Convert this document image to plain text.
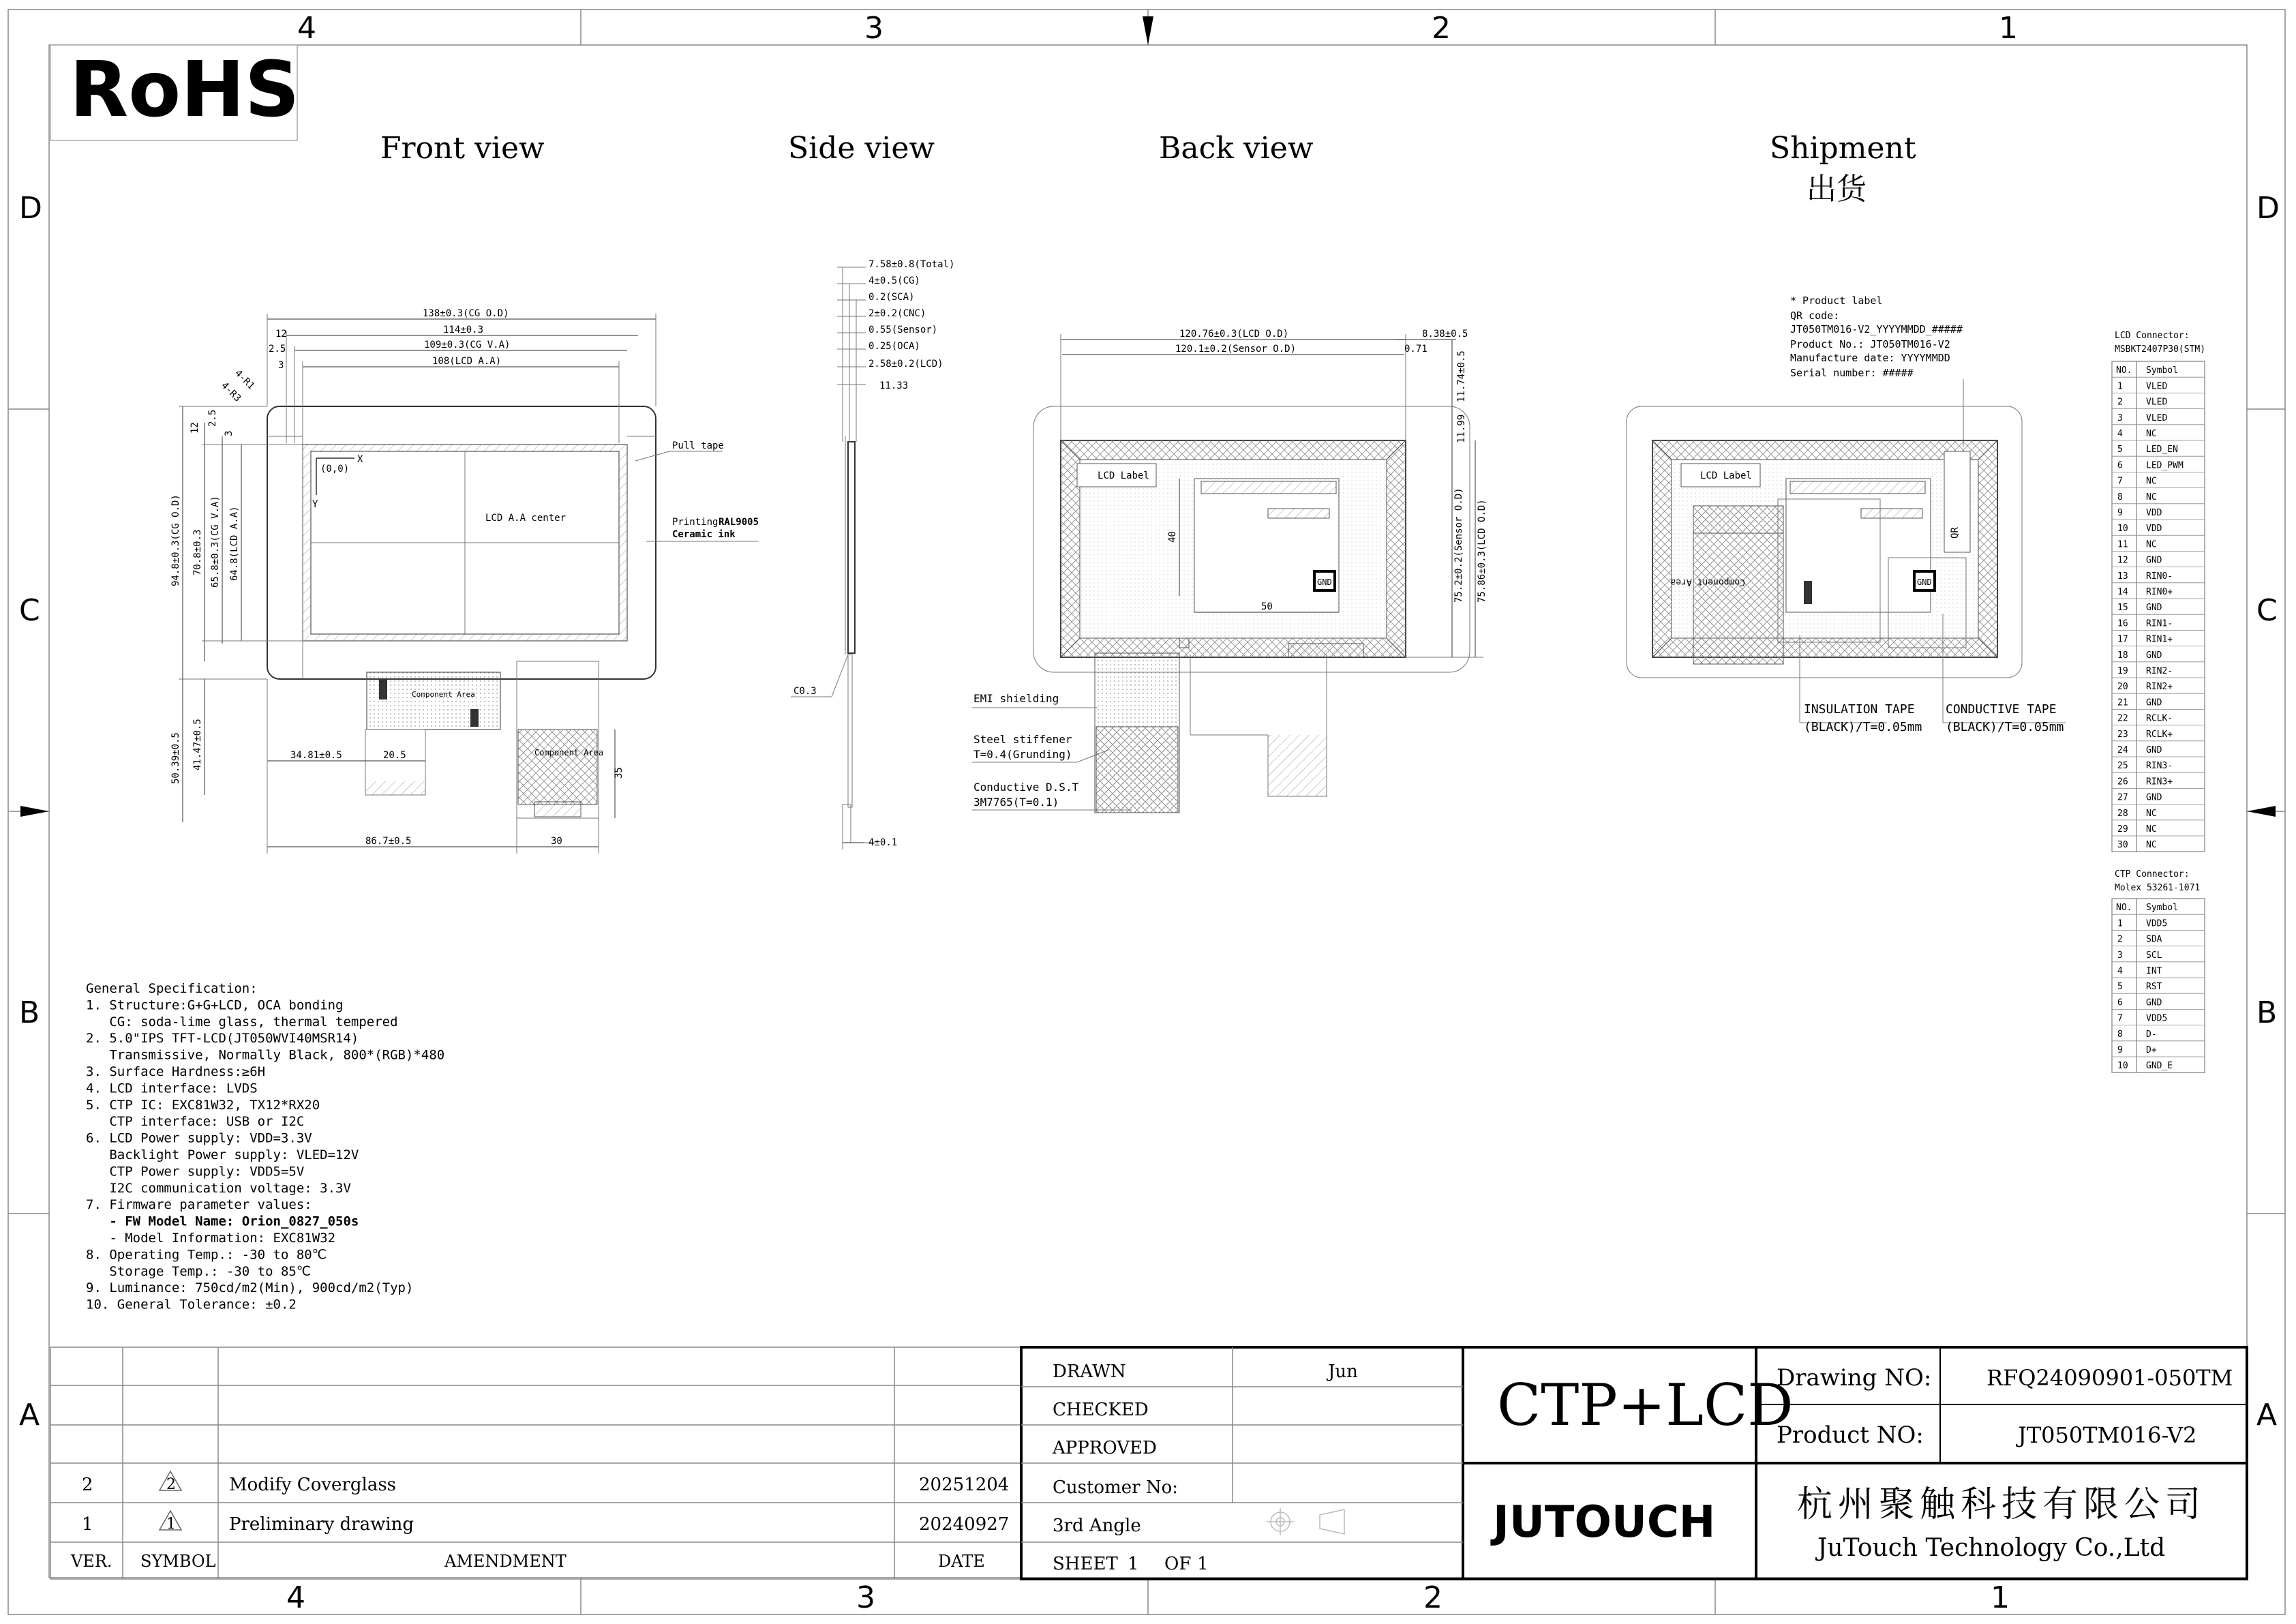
4	3	2	1
4	3	2	1
D
C
B
A
D
C
B
A
RoHS
Front view	Side view	Back view	Shipment
出货
X
Y
(0,0)
LCD A.A center
138±0.3(CG O.D)
114±0.3
109±0.3(CG V.A)
108(LCD A.A)
12
2.5
3
4-R1
4-R3
94.8±0.3(CG O.D) 70.8±0.3 65.8±0.3(CG V.A) 64.8(LCD A.A)
12
2.5
3
Pull tape
Printing RAL9005
Ceramic ink
Component Area
Component Area
50.39±0.5 41.47±0.5	34.81±0.5	20.5
35
86.7±0.5	30
7.58±0.8(Total)
4±0.5(CG)
0.2(SCA)
2±0.2(CNC)
0.55(Sensor)
0.25(OCA)
2.58±0.2(LCD)
11.33
C0.3
4±0.1
LCD Label
GND
120.76±0.3(LCD O.D)
120.1±0.2(Sensor O.D)
8.38±0.5
0.71
11.74±0.5
11.99
75.2±0.2(Sensor O.D) 75.86±0.3(LCD O.D)
40
50
EMI shielding
Steel stiffener
T=0.4(Grunding)
Conductive D.S.T
3M7765(T=0.1)
* Product label
QR code:
JT050TM016-V2_YYYYMMDD_#####
Product No.: JT050TM016-V2
Manufacture date: YYYYMMDD
Serial number: #####
LCD Label
GND
QR
Component Area
INSULATION TAPE
(BLACK)/T=0.05mm
CONDUCTIVE TAPE
(BLACK)/T=0.05mm
LCD Connector:
MSBKT2407P30(STM)
NO. Symbol
1	VLED
2	VLED
3	VLED
4	NC
5	LED_EN
6	LED_PWM
7	NC
8	NC
9	VDD
10 VDD
11 NC
12 GND
13 RIN0-
14 RIN0+
15 GND
16 RIN1-
17 RIN1+
18 GND
19 RIN2-
20 RIN2+
21 GND
22 RCLK-
23 RCLK+
24 GND
25 RIN3-
26 RIN3+
27 GND
28 NC
29 NC
30 NC
CTP Connector:
Molex 53261-1071
NO. Symbol
1	VDD5
2	SDA
3	SCL
4	INT
5	RST
6	GND
7	VDD5
8	D-
9	D+
10 GND_E
General Specification:
1. Structure:G+G+LCD, OCA bonding
CG: soda-lime glass, thermal tempered
2. 5.0"IPS TFT-LCD(JT050WVI40MSR14)
Transmissive, Normally Black, 800*(RGB)*480
3. Surface Hardness:≥6H
4. LCD interface: LVDS
5. CTP IC: EXC81W32, TX12*RX20
CTP interface: USB or I2C
6. LCD Power supply: VDD=3.3V
Backlight Power supply: VLED=12V
CTP Power supply: VDD5=5V
I2C communication voltage: 3.3V
7. Firmware parameter values:
- FW Model Name: Orion_0827_050s
- Model Information: EXC81W32
8. Operating Temp.: -30 to 80℃
Storage Temp.: -30 to 85℃
9. Luminance: 750cd/m2(Min), 900cd/m2(Typ)
10. General Tolerance: ±0.2
2	2	Modify Coverglass	20251204
1	1	Preliminary drawing	20240927
VER. SYMBOL	AMENDMENT	DATE
DRAWN	Jun
CHECKED
APPROVED
Customer No:
3rd Angle
SHEET 1 OF 1
CTP+LCD
JUTOUCH
Drawing NO:	RFQ24090901-050TM
Product NO:	JT050TM016-V2
杭州聚触科技有限公司
JuTouch Technology Co.,Ltd
